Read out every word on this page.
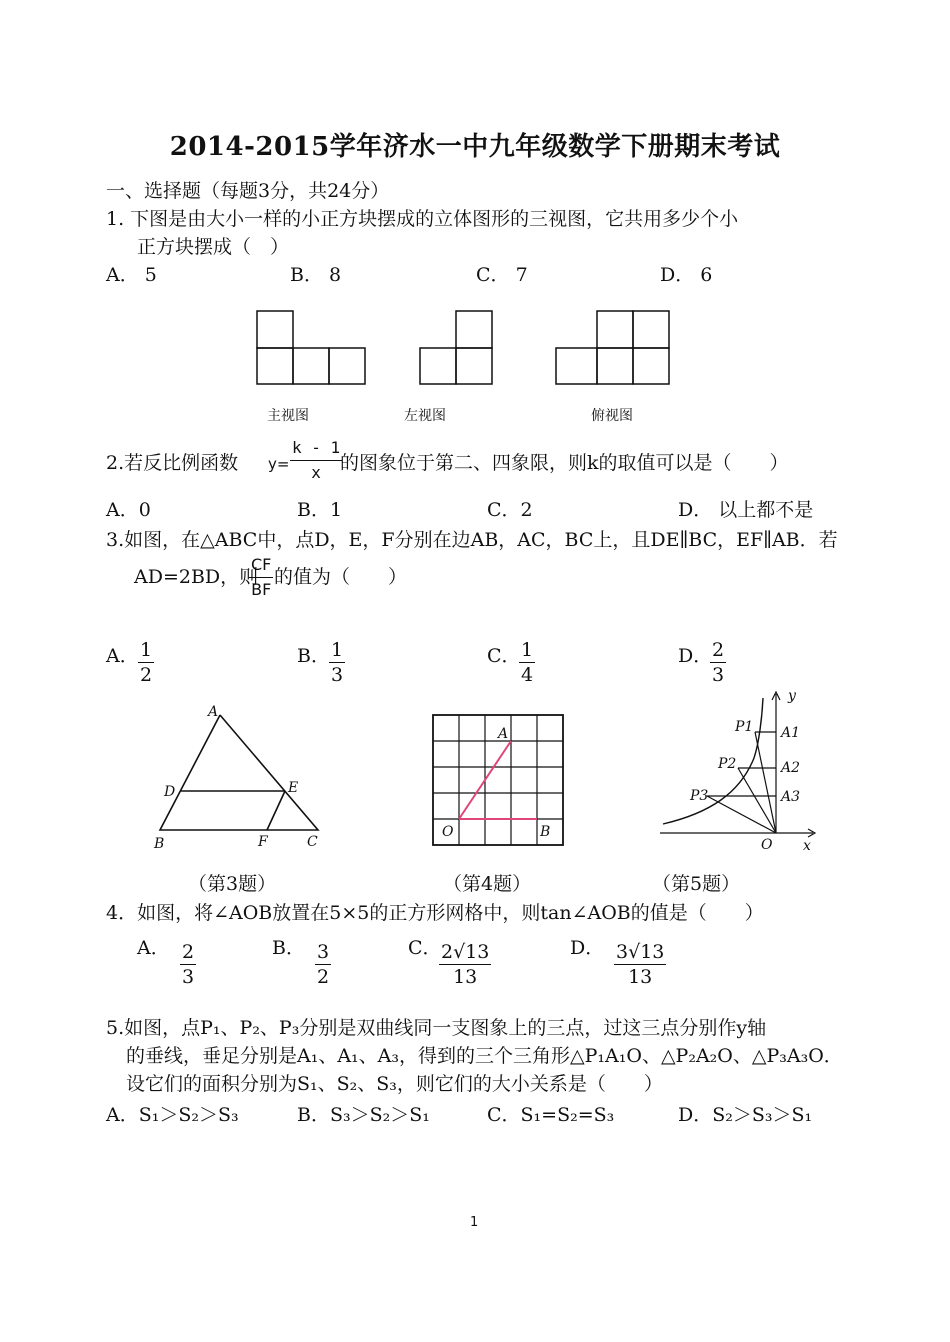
2014-2015学年济水一中九年级数学下册期末考试
一、选择题（每题3分，共24分）
1. 下图是由大小一样的小正方块摆成的立体图形的三视图，它共用多少个小
正方块摆成（　）
A． 5	B． 8	C． 7	D． 6
主视图	左视图	俯视图
2.若反比例函数 $y= \frac{k - 1}{x}$
的图象位于第二、四象限，则k的取值可以是（　　）
A．0	B．1	C．2	D． 以上都不是
3.如图，在△ABC中，点D，E，F分别在边AB，AC，BC上，且DE∥BC，EF∥AB．若
AD=2BD，则
$\frac{CF}{BF}$ 的值为（　　）
A． $\frac{1}{2}$	B． $\frac{1}{3}$	C．
$\frac{1}{4}$	D．
$\frac{2}{3}$
A
D	E
B	F	C
A
O	B
P1 A1
P2	A2
P3	A3
O x
y
（第3题）	（第4题）	（第5题）
4．如图，将∠AOB放置在5×5的正方形网格中，则tan∠AOB的值是（　　）
A． $\frac{2}{3}$	B． $\frac{3}{2}$	C．
$\frac{2√13}{13}$	D． $\frac{3√13}{13}$
5.如图，点P₁、P₂、P₃分别是双曲线同一支图象上的三点，过这三点分别作y轴
的垂线，垂足分别是A₁、A₁、A₃，得到的三个三角形△P₁A₁O、△P₂A₂O、△P₃A₃O．
设它们的面积分别为S₁、S₂、S₃，则它们的大小关系是（　　）
A．S₁＞S₂＞S₃	B．S₃＞S₂＞S₁	C．S₁=S₂=S₃	D．S₂＞S₃＞S₁
1
